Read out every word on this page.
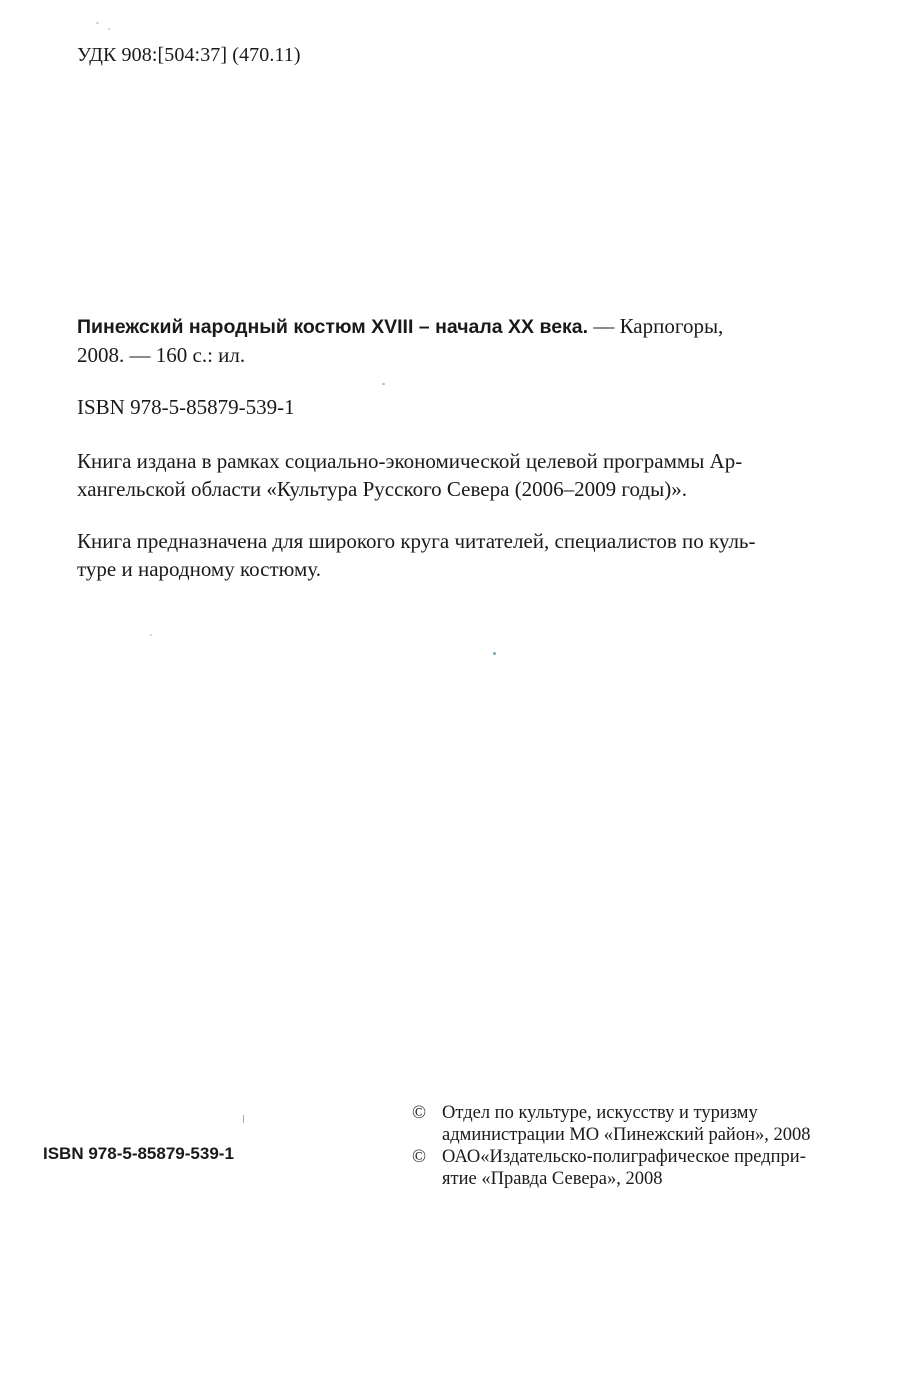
УДК 908:[504:37] (470.11)
Пинежский народный костюм XVIII – начала XX века. — Карпогоры,
2008. — 160 с.: ил.
ISBN 978-5-85879-539-1
Книга издана в рамках социально-экономической целевой программы Ар-
хангельской области «Культура Русского Севера (2006–2009 годы)».
Книга предназначена для широкого круга читателей, специалистов по куль-
туре и народному костюму.
ISBN 978-5-85879-539-1
© Отдел по культуре, искусству и туризму
администрации МО «Пинежский район», 2008
© ОАО«Издательско-полиграфическое предпри-
ятие «Правда Севера», 2008
